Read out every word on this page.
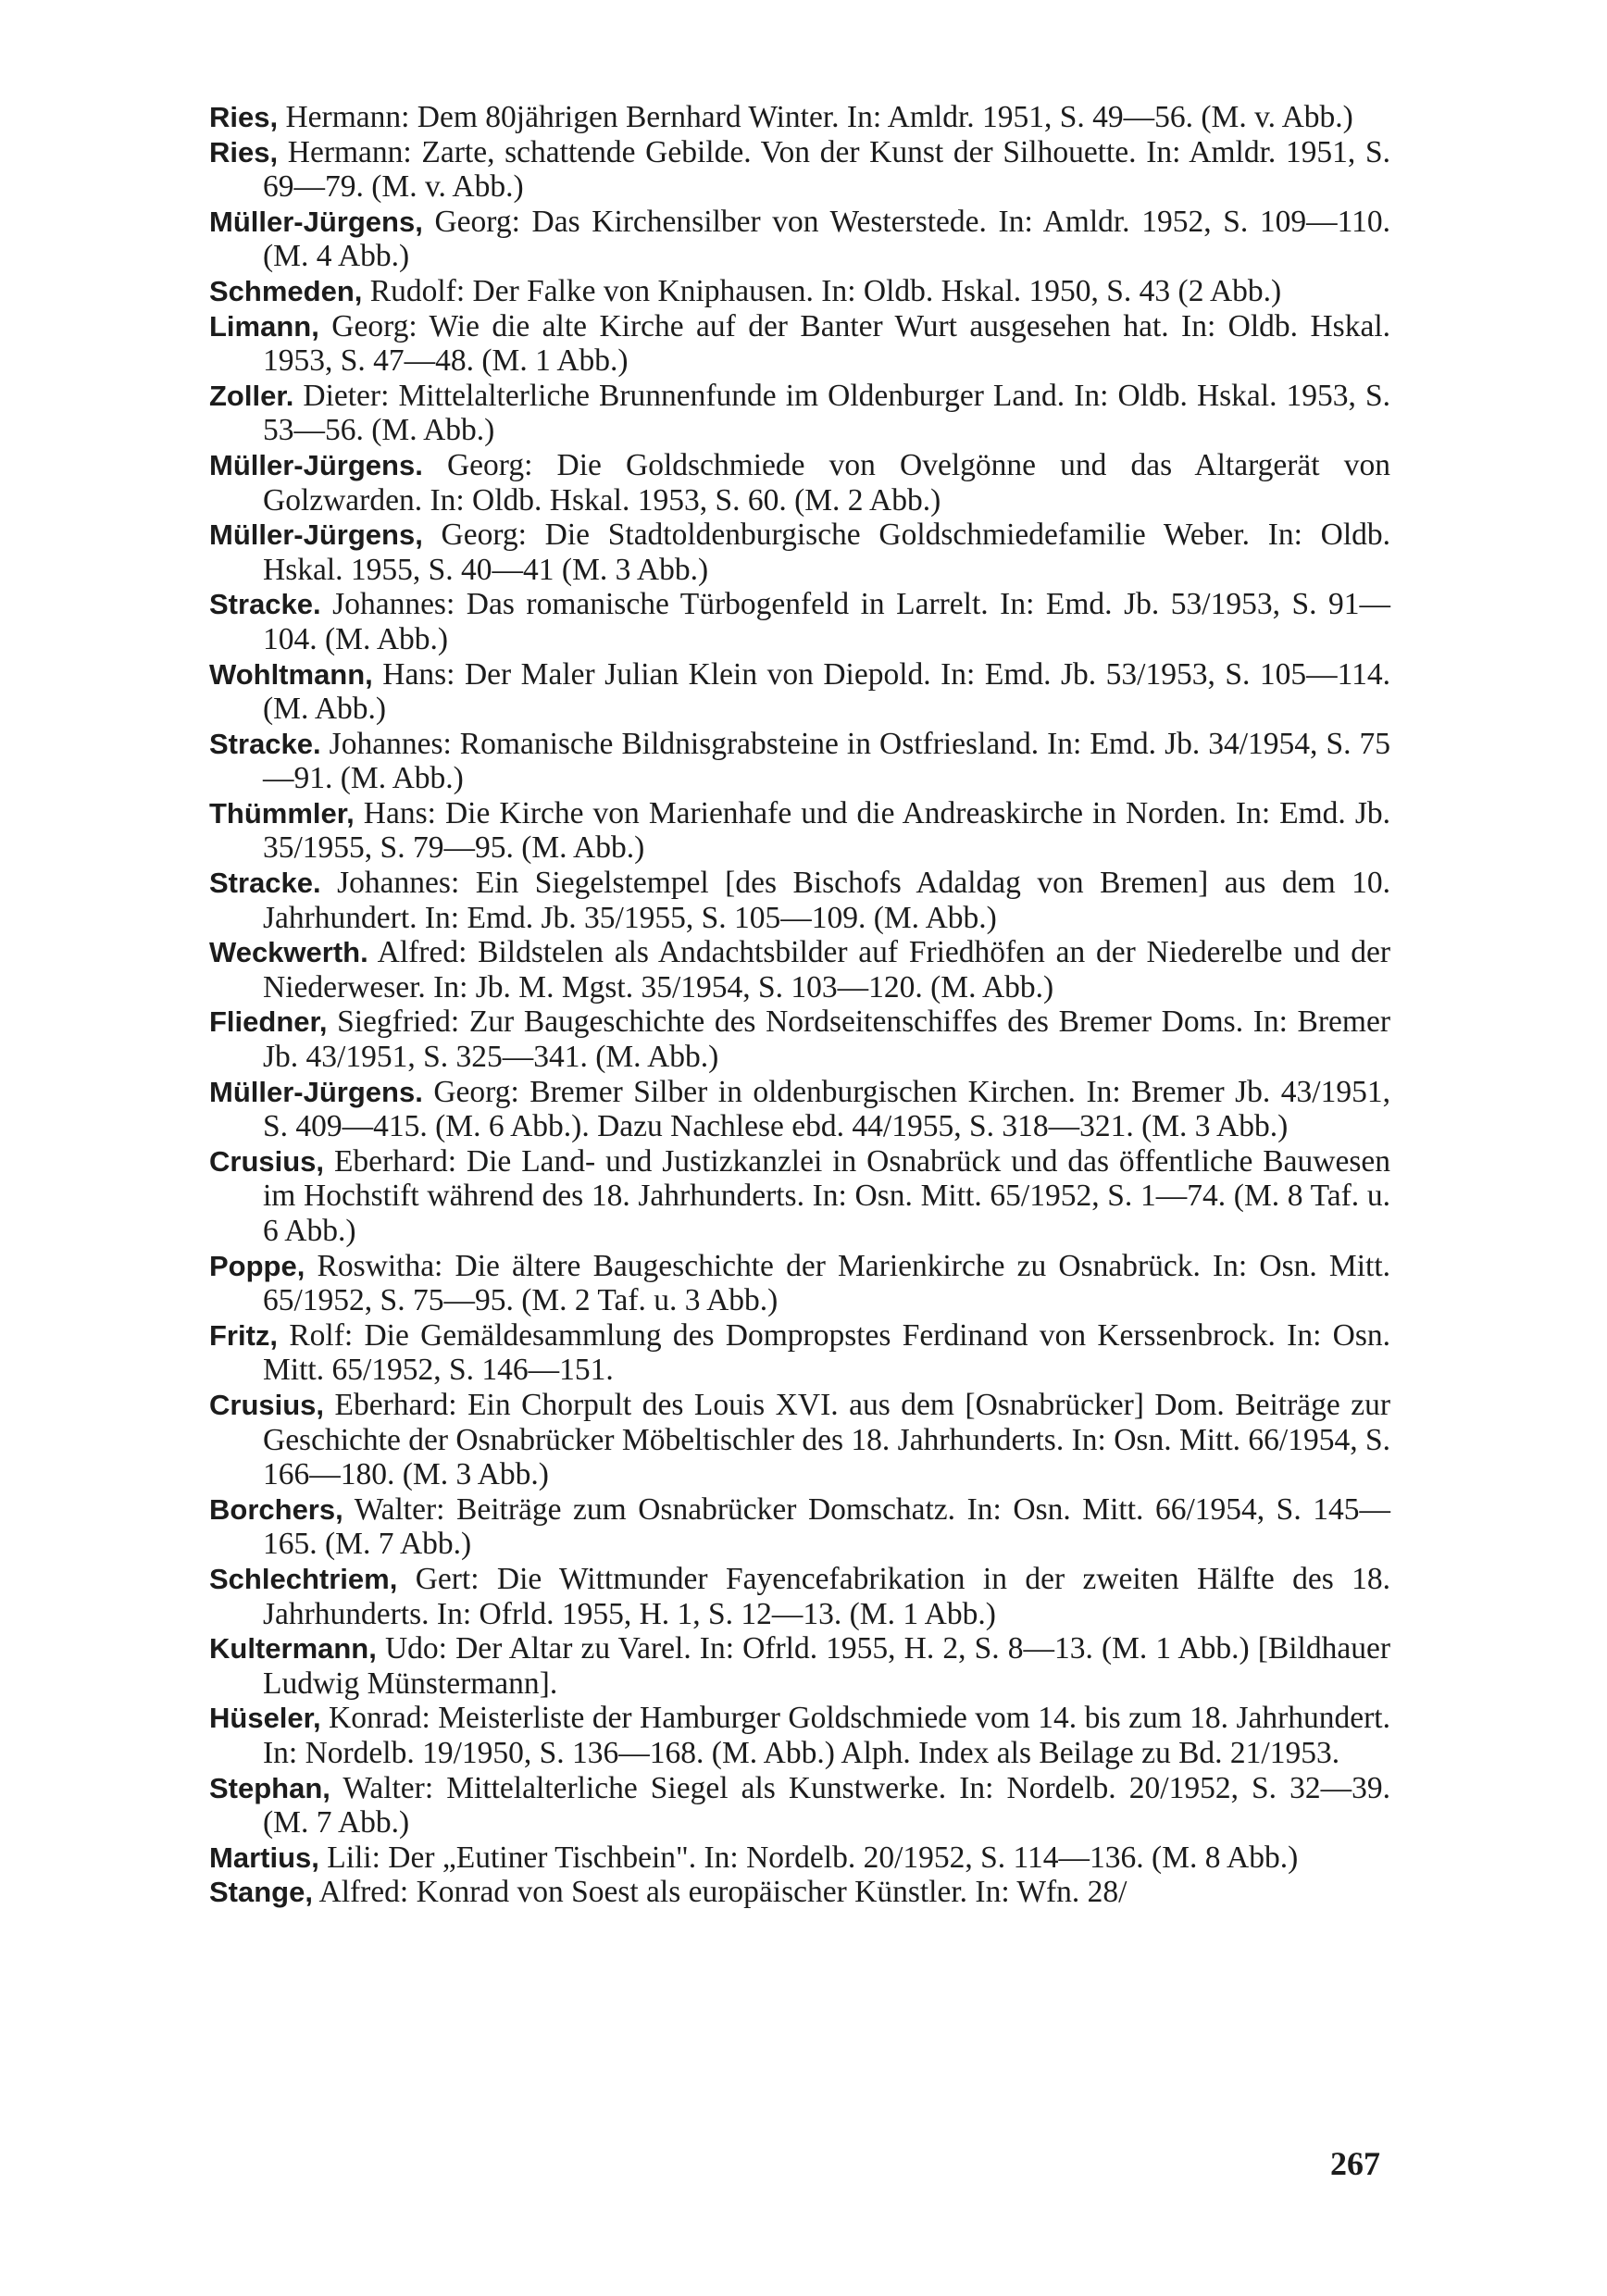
Ries, Hermann: Dem 80jährigen Bernhard Winter. In: Amldr. 1951, S. 49—56. (M. v. Abb.)

Ries, Hermann: Zarte, schattende Gebilde. Von der Kunst der Silhouette. In: Amldr. 1951, S. 69—79. (M. v. Abb.)

Müller-Jürgens, Georg: Das Kirchensilber von Westerstede. In: Amldr. 1952, S. 109—110. (M. 4 Abb.)

Schmeden, Rudolf: Der Falke von Kniphausen. In: Oldb. Hskal. 1950, S. 43 (2 Abb.)

Limann, Georg: Wie die alte Kirche auf der Banter Wurt ausgesehen hat. In: Oldb. Hskal. 1953, S. 47—48. (M. 1 Abb.)

Zoller. Dieter: Mittelalterliche Brunnenfunde im Oldenburger Land. In: Oldb. Hskal. 1953, S. 53—56. (M. Abb.)

Müller-Jürgens. Georg: Die Goldschmiede von Ovelgönne und das Altargerät von Golzwarden. In: Oldb. Hskal. 1953, S. 60. (M. 2 Abb.)

Müller-Jürgens, Georg: Die Stadtoldenburgische Goldschmiedefamilie Weber. In: Oldb. Hskal. 1955, S. 40—41 (M. 3 Abb.)

Stracke. Johannes: Das romanische Türbogenfeld in Larrelt. In: Emd. Jb. 53/1953, S. 91—104. (M. Abb.)

Wohltmann, Hans: Der Maler Julian Klein von Diepold. In: Emd. Jb. 53/1953, S. 105—114. (M. Abb.)

Stracke. Johannes: Romanische Bildnisgrabsteine in Ostfriesland. In: Emd. Jb. 34/1954, S. 75—91. (M. Abb.)

Thümmler, Hans: Die Kirche von Marienhafe und die Andreaskirche in Norden. In: Emd. Jb. 35/1955, S. 79—95. (M. Abb.)

Stracke. Johannes: Ein Siegelstempel [des Bischofs Adaldag von Bremen] aus dem 10. Jahrhundert. In: Emd. Jb. 35/1955, S. 105—109. (M. Abb.)

Weckwerth. Alfred: Bildstelen als Andachtsbilder auf Friedhöfen an der Niederelbe und der Niederweser. In: Jb. M. Mgst. 35/1954, S. 103—120. (M. Abb.)

Fliedner, Siegfried: Zur Baugeschichte des Nordseitenschiffes des Bremer Doms. In: Bremer Jb. 43/1951, S. 325—341. (M. Abb.)

Müller-Jürgens. Georg: Bremer Silber in oldenburgischen Kirchen. In: Bremer Jb. 43/1951, S. 409—415. (M. 6 Abb.). Dazu Nachlese ebd. 44/1955, S. 318—321. (M. 3 Abb.)

Crusius, Eberhard: Die Land- und Justizkanzlei in Osnabrück und das öffentliche Bauwesen im Hochstift während des 18. Jahrhunderts. In: Osn. Mitt. 65/1952, S. 1—74. (M. 8 Taf. u. 6 Abb.)

Poppe, Roswitha: Die ältere Baugeschichte der Marienkirche zu Osnabrück. In: Osn. Mitt. 65/1952, S. 75—95. (M. 2 Taf. u. 3 Abb.)

Fritz, Rolf: Die Gemäldesammlung des Dompropstes Ferdinand von Kerssenbrock. In: Osn. Mitt. 65/1952, S. 146—151.

Crusius, Eberhard: Ein Chorpult des Louis XVI. aus dem [Osnabrücker] Dom. Beiträge zur Geschichte der Osnabrücker Möbeltischler des 18. Jahrhunderts. In: Osn. Mitt. 66/1954, S. 166—180. (M. 3 Abb.)

Borchers, Walter: Beiträge zum Osnabrücker Domschatz. In: Osn. Mitt. 66/1954, S. 145—165. (M. 7 Abb.)

Schlechtriem, Gert: Die Wittmunder Fayencefabrikation in der zweiten Hälfte des 18. Jahrhunderts. In: Ofrld. 1955, H. 1, S. 12—13. (M. 1 Abb.)

Kultermann, Udo: Der Altar zu Varel. In: Ofrld. 1955, H. 2, S. 8—13. (M. 1 Abb.) [Bildhauer Ludwig Münstermann].

Hüseler, Konrad: Meisterliste der Hamburger Goldschmiede vom 14. bis zum 18. Jahrhundert. In: Nordelb. 19/1950, S. 136—168. (M. Abb.) Alph. Index als Beilage zu Bd. 21/1953.

Stephan, Walter: Mittelalterliche Siegel als Kunstwerke. In: Nordelb. 20/1952, S. 32—39. (M. 7 Abb.)

Martius, Lili: Der „Eutiner Tischbein". In: Nordelb. 20/1952, S. 114—136. (M. 8 Abb.)

Stange, Alfred: Konrad von Soest als europäischer Künstler. In: Wfn. 28/

267
